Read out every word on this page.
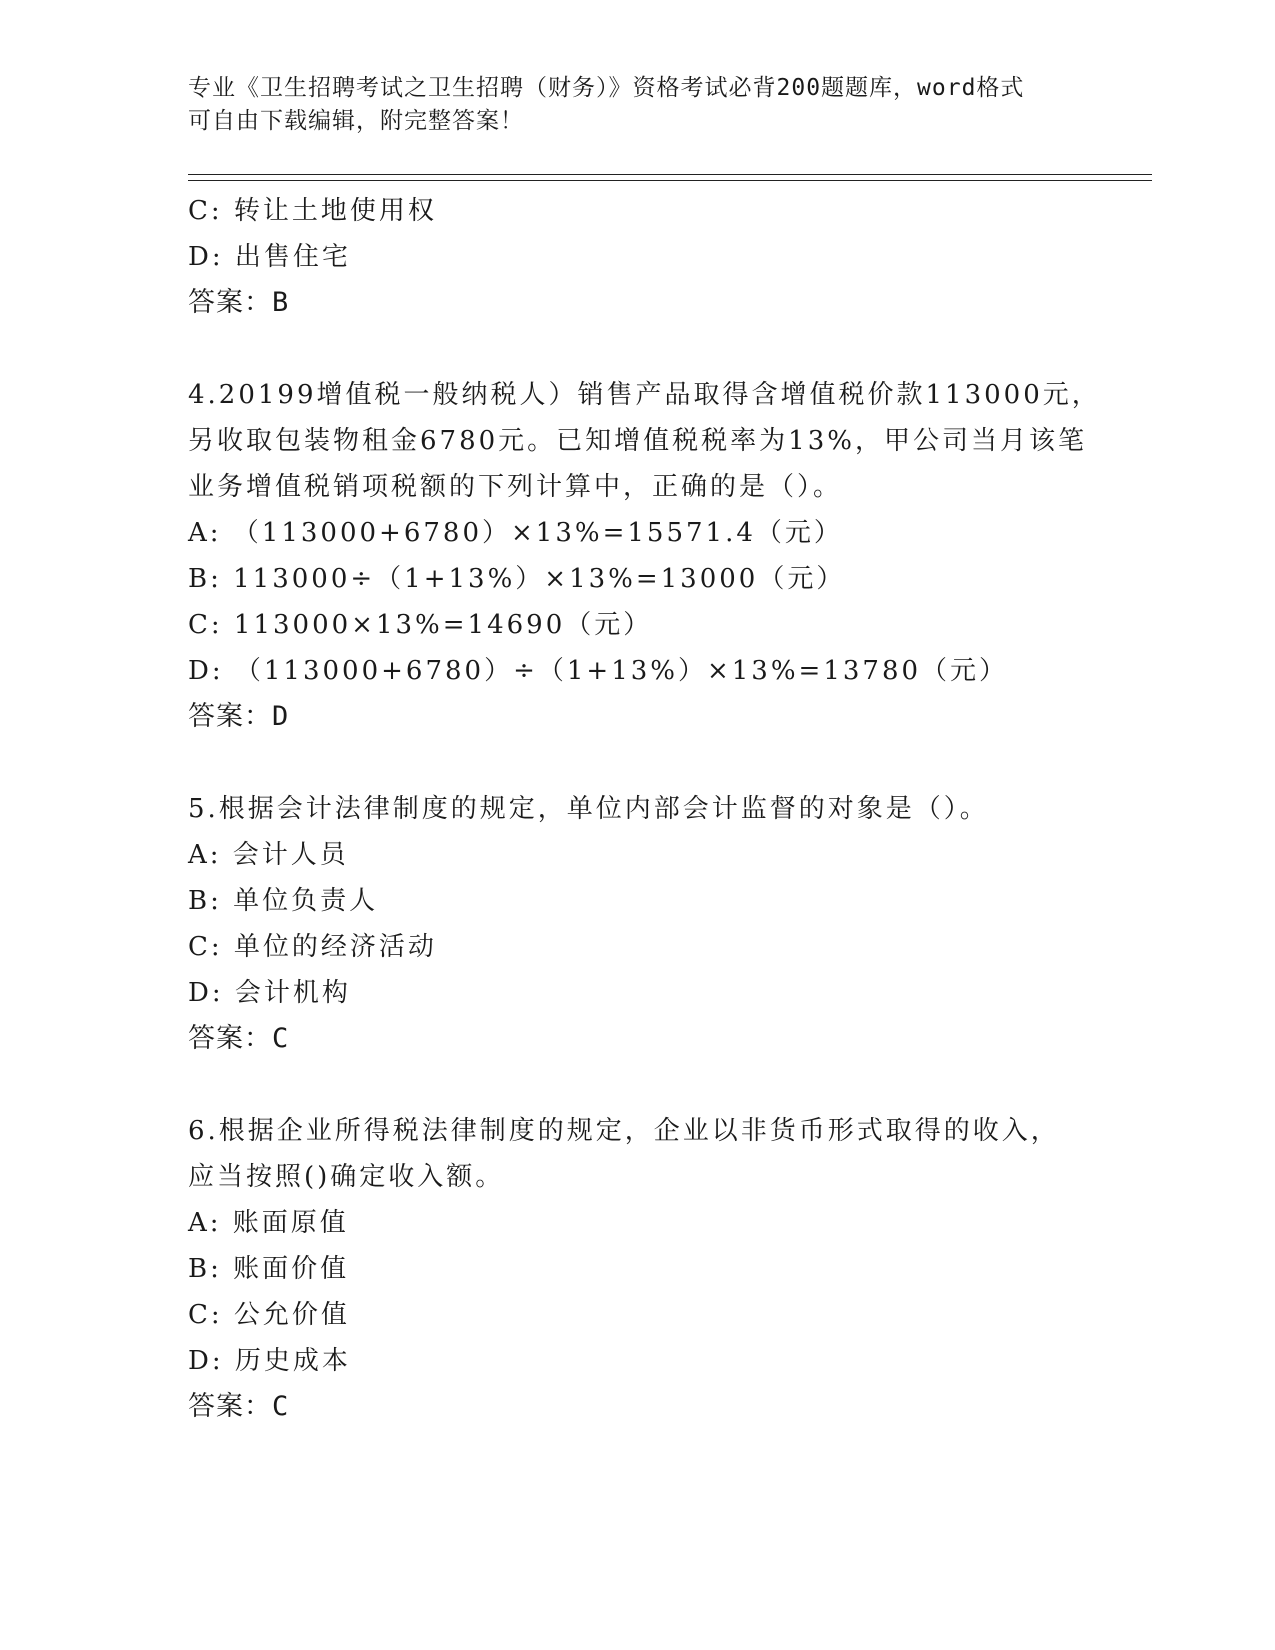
专业《卫生招聘考试之卫生招聘（财务）》资格考试必背200题题库，word格式
可自由下载编辑，附完整答案！
C: 转让土地使用权
D: 出售住宅
答案：B
4.20199增值税一般纳税人）销售产品取得含增值税价款113000元，
另收取包装物租金6780元。已知增值税税率为13%，甲公司当月该笔
业务增值税销项税额的下列计算中，正确的是（）。
A: （113000+6780）×13%=15571.4（元）
B: 113000÷（1+13%）×13%=13000（元）
C: 113000×13%=14690（元）
D: （113000+6780）÷（1+13%）×13%=13780（元）
答案：D
5.根据会计法律制度的规定，单位内部会计监督的对象是（）。
A: 会计人员
B: 单位负责人
C: 单位的经济活动
D: 会计机构
答案：C
6.根据企业所得税法律制度的规定，企业以非货币形式取得的收入，
应当按照()确定收入额。
A: 账面原值
B: 账面价值
C: 公允价值
D: 历史成本
答案：C
